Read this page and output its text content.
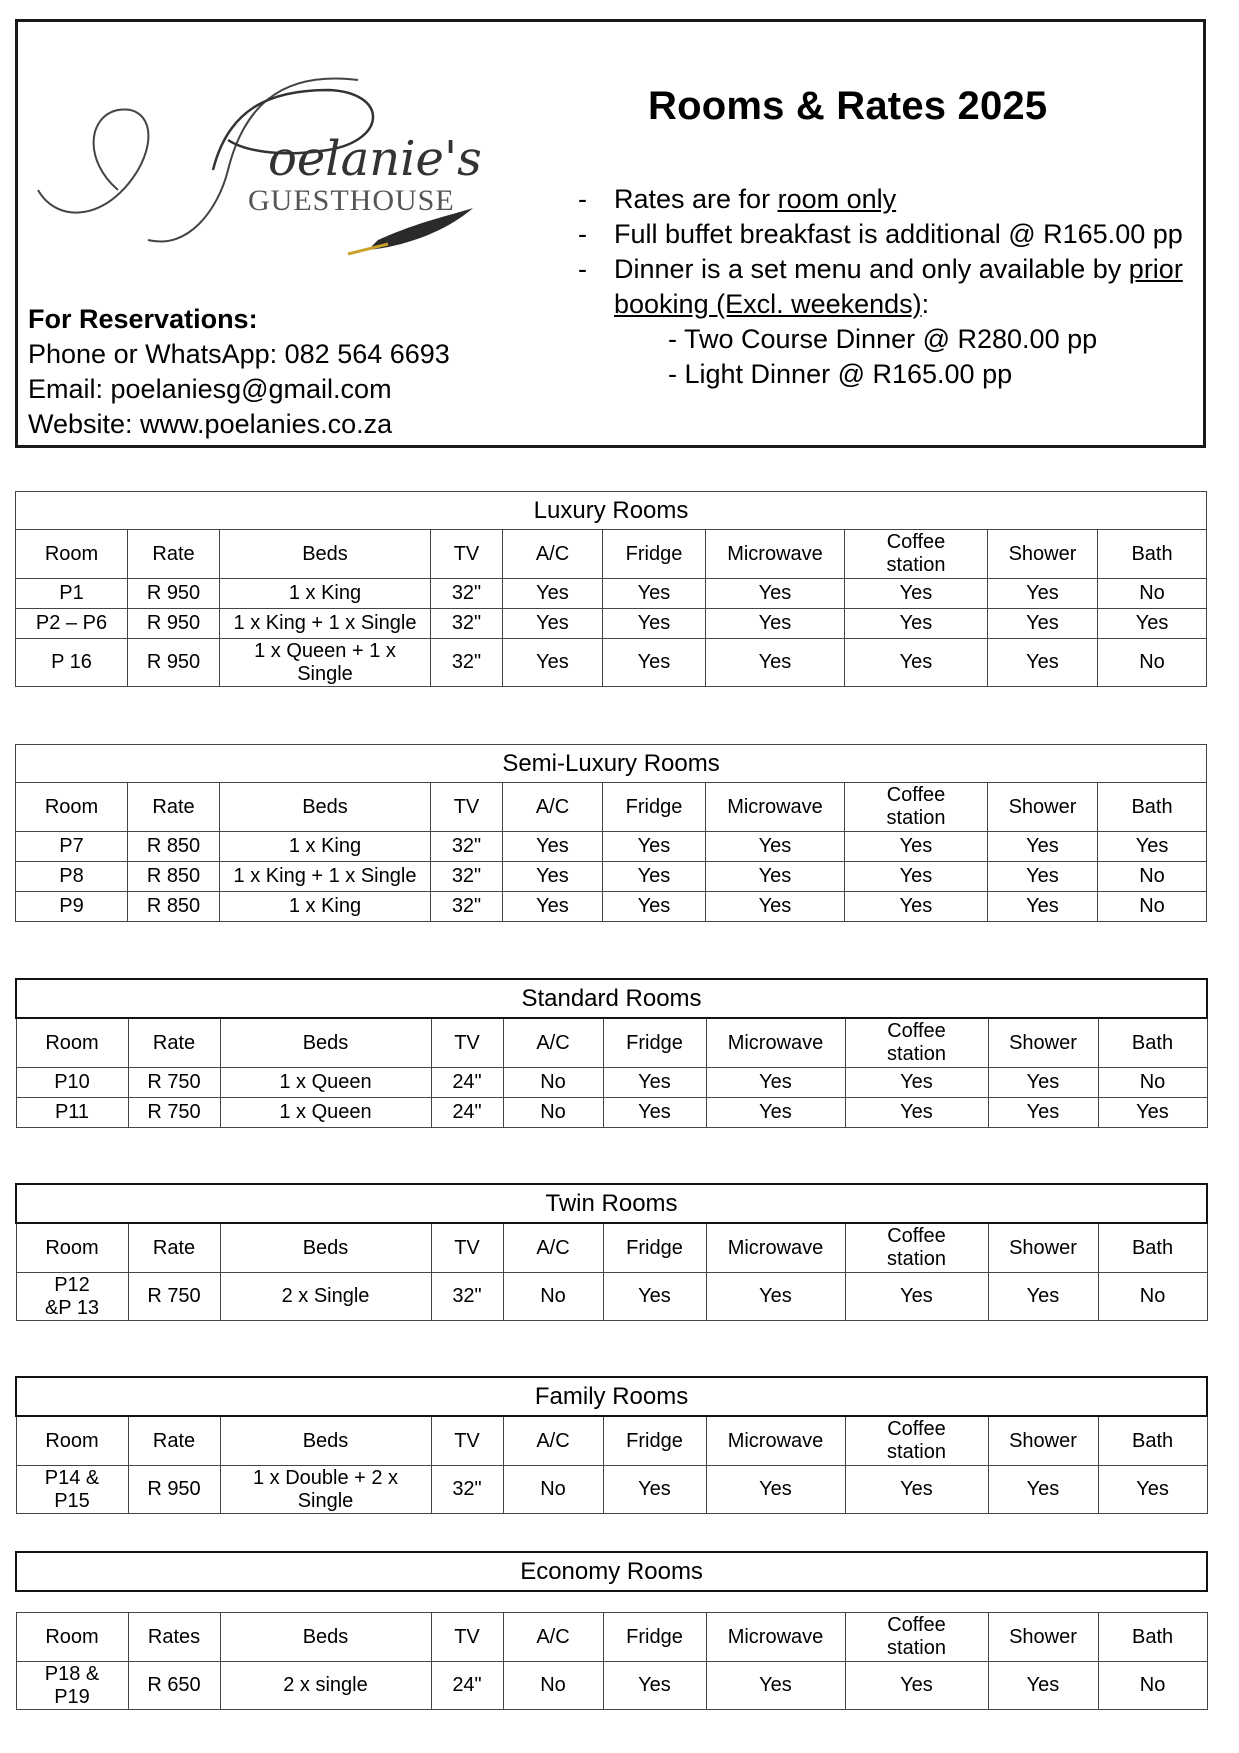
oelanie's
GUESTHOUSE
Rooms & Rates 2025
- Rates are for room only
- Full buffet breakfast is additional @ R165.00 pp
- Dinner is a set menu and only available by prior booking (Excl. weekends):
- Two Course Dinner @ R280.00 pp
- Light Dinner @ R165.00 pp
For Reservations:
Phone or WhatsApp: 082 564 6693
Email: poelaniesg@gmail.com
Website: www.poelanies.co.za
Luxury Rooms									
Room	Rate	Beds	TV	A/C	Fridge	Microwave	Coffee station	Shower	Bath
P1	R 950	1 x King	32"	Yes	Yes	Yes	Yes	Yes	No
P2 – P6	R 950	1 x King + 1 x Single	32"	Yes	Yes	Yes	Yes	Yes	Yes
P 16	R 950	1 x Queen + 1 x Single	32"	Yes	Yes	Yes	Yes	Yes	No
Semi-Luxury Rooms									
Room	Rate	Beds	TV	A/C	Fridge	Microwave	Coffee station	Shower	Bath
P7	R 850	1 x King	32"	Yes	Yes	Yes	Yes	Yes	Yes
P8	R 850	1 x King + 1 x Single	32"	Yes	Yes	Yes	Yes	Yes	No
P9	R 850	1 x King	32"	Yes	Yes	Yes	Yes	Yes	No
Standard Rooms									
Room	Rate	Beds	TV	A/C	Fridge	Microwave	Coffee station	Shower	Bath
P10	R 750	1 x Queen	24"	No	Yes	Yes	Yes	Yes	No
P11	R 750	1 x Queen	24"	No	Yes	Yes	Yes	Yes	Yes
Twin Rooms									
Room	Rate	Beds	TV	A/C	Fridge	Microwave	Coffee station	Shower	Bath
P12 &P 13	R 750	2 x Single	32"	No	Yes	Yes	Yes	Yes	No
Family Rooms									
Room	Rate	Beds	TV	A/C	Fridge	Microwave	Coffee station	Shower	Bath
P14 & P15	R 950	1 x Double + 2 x Single	32"	No	Yes	Yes	Yes	Yes	Yes
Economy Rooms									

Room	Rates	Beds	TV	A/C	Fridge	Microwave	Coffee station	Shower	Bath
P18 & P19	R 650	2 x single	24"	No	Yes	Yes	Yes	Yes	No
